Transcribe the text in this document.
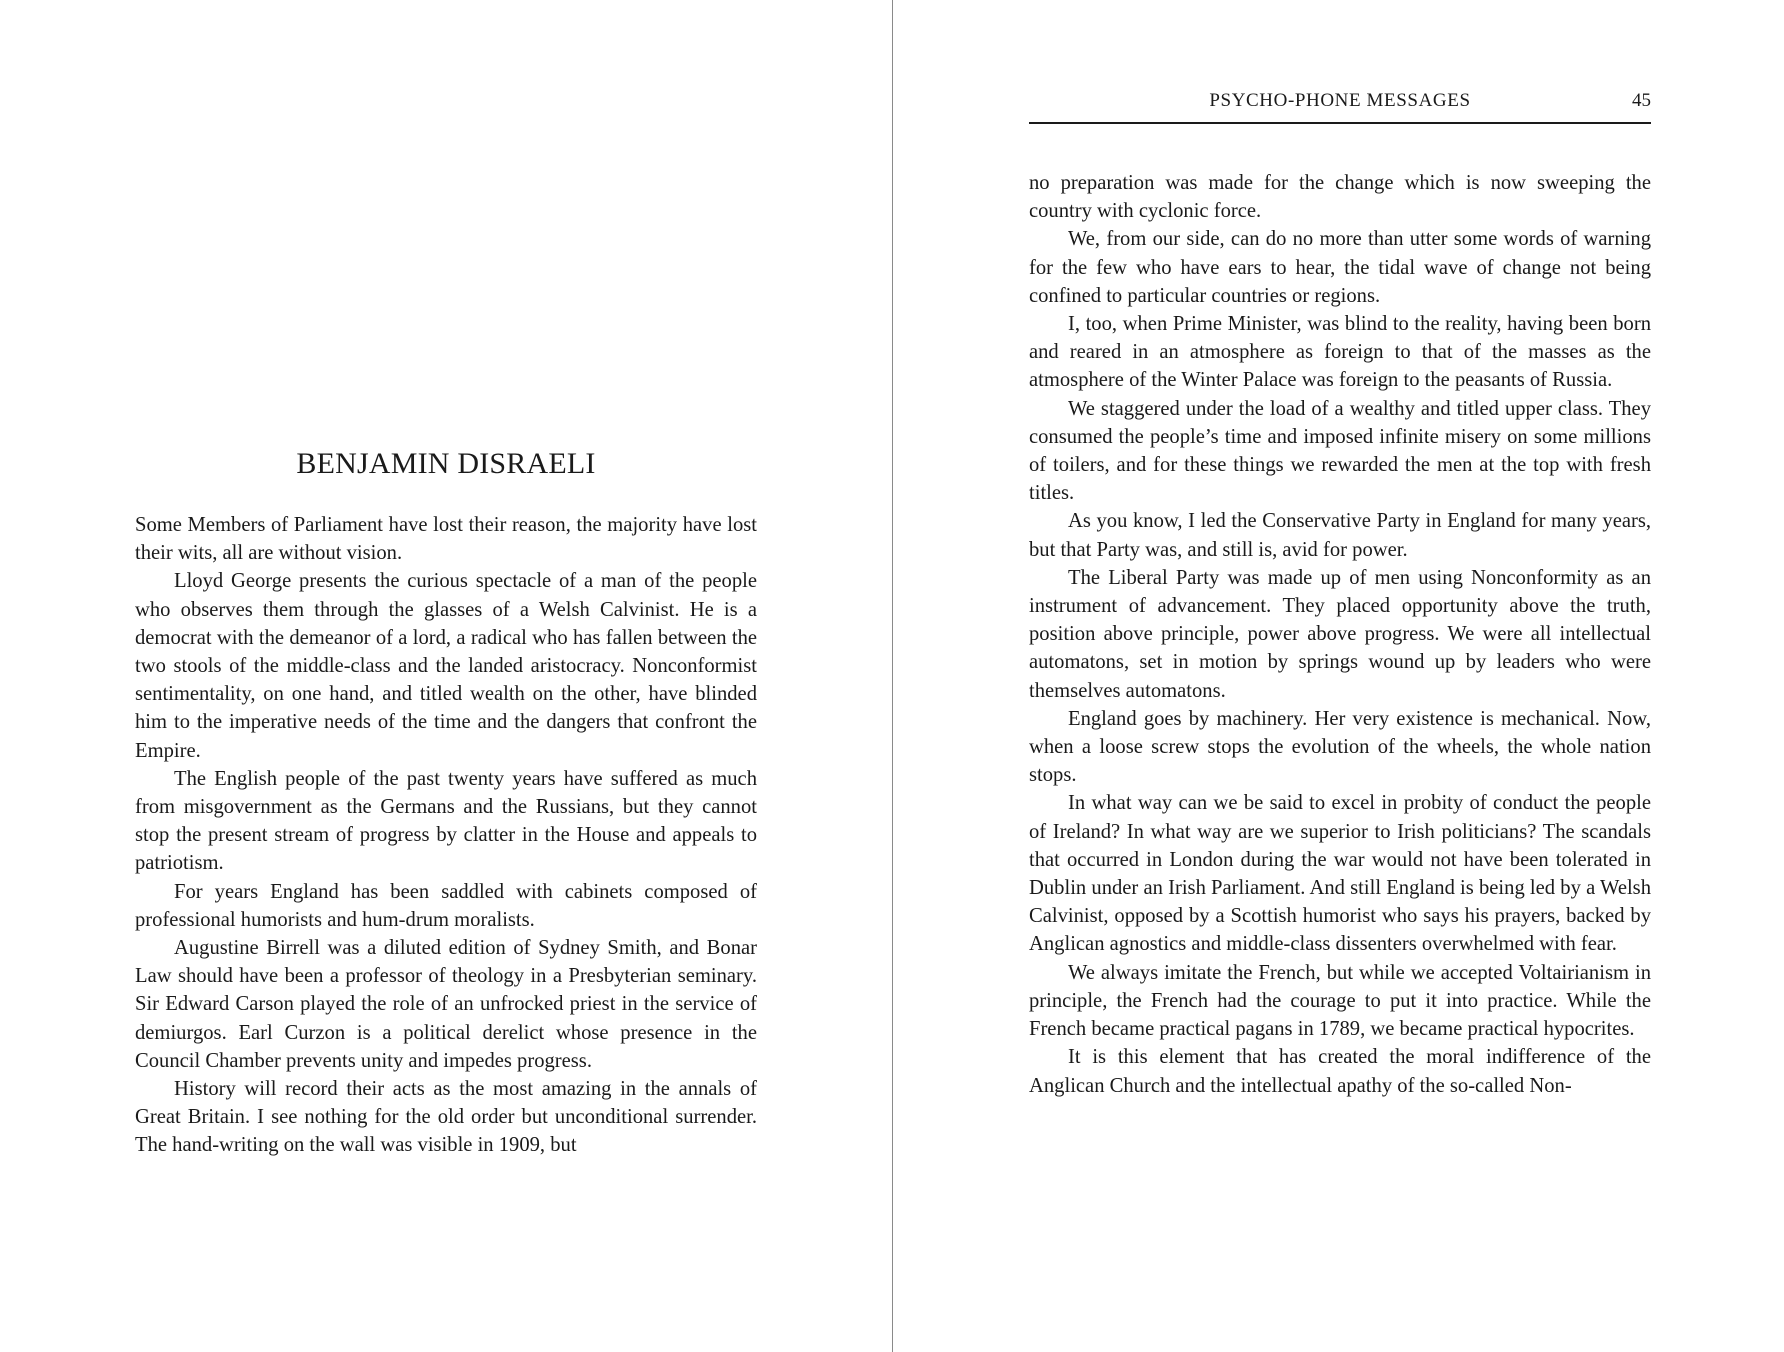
BENJAMIN DISRAELI

Some Members of Parliament have lost their reason, the majority have lost their wits, all are without vision.

Lloyd George presents the curious spectacle of a man of the people who observes them through the glasses of a Welsh Calvinist. He is a democrat with the demeanor of a lord, a radical who has fallen between the two stools of the middle-class and the landed aristocracy. Nonconformist sentimentality, on one hand, and titled wealth on the other, have blinded him to the imperative needs of the time and the dangers that confront the Empire.

The English people of the past twenty years have suffered as much from misgovernment as the Germans and the Russians, but they cannot stop the present stream of progress by clatter in the House and appeals to patriotism.

For years England has been saddled with cabinets composed of professional humorists and hum-drum moralists.

Augustine Birrell was a diluted edition of Sydney Smith, and Bonar Law should have been a professor of theology in a Presbyterian seminary. Sir Edward Carson played the role of an unfrocked priest in the service of demiurgos. Earl Curzon is a political derelict whose presence in the Council Chamber prevents unity and impedes progress.

History will record their acts as the most amazing in the annals of Great Britain. I see nothing for the old order but unconditional surrender. The hand-writing on the wall was visible in 1909, but

PSYCHO-PHONE MESSAGES	45

no preparation was made for the change which is now sweeping the country with cyclonic force.

We, from our side, can do no more than utter some words of warning for the few who have ears to hear, the tidal wave of change not being confined to particular countries or regions.

I, too, when Prime Minister, was blind to the reality, having been born and reared in an atmosphere as foreign to that of the masses as the atmosphere of the Winter Palace was foreign to the peasants of Russia.

We staggered under the load of a wealthy and titled upper class. They consumed the people’s time and imposed infinite misery on some millions of toilers, and for these things we rewarded the men at the top with fresh titles.

As you know, I led the Conservative Party in England for many years, but that Party was, and still is, avid for power.

The Liberal Party was made up of men using Nonconformity as an instrument of advancement. They placed opportunity above the truth, position above principle, power above progress. We were all intellectual automatons, set in motion by springs wound up by leaders who were themselves automatons.

England goes by machinery. Her very existence is mechanical. Now, when a loose screw stops the evolution of the wheels, the whole nation stops.

In what way can we be said to excel in probity of conduct the people of Ireland? In what way are we superior to Irish politicians? The scandals that occurred in London during the war would not have been tolerated in Dublin under an Irish Parliament. And still England is being led by a Welsh Calvinist, opposed by a Scottish humorist who says his prayers, backed by Anglican agnostics and middle-class dissenters overwhelmed with fear.

We always imitate the French, but while we accepted Voltairianism in principle, the French had the courage to put it into practice. While the French became practical pagans in 1789, we became practical hypocrites.

It is this element that has created the moral indifference of the Anglican Church and the intellectual apathy of the so-called Non-
